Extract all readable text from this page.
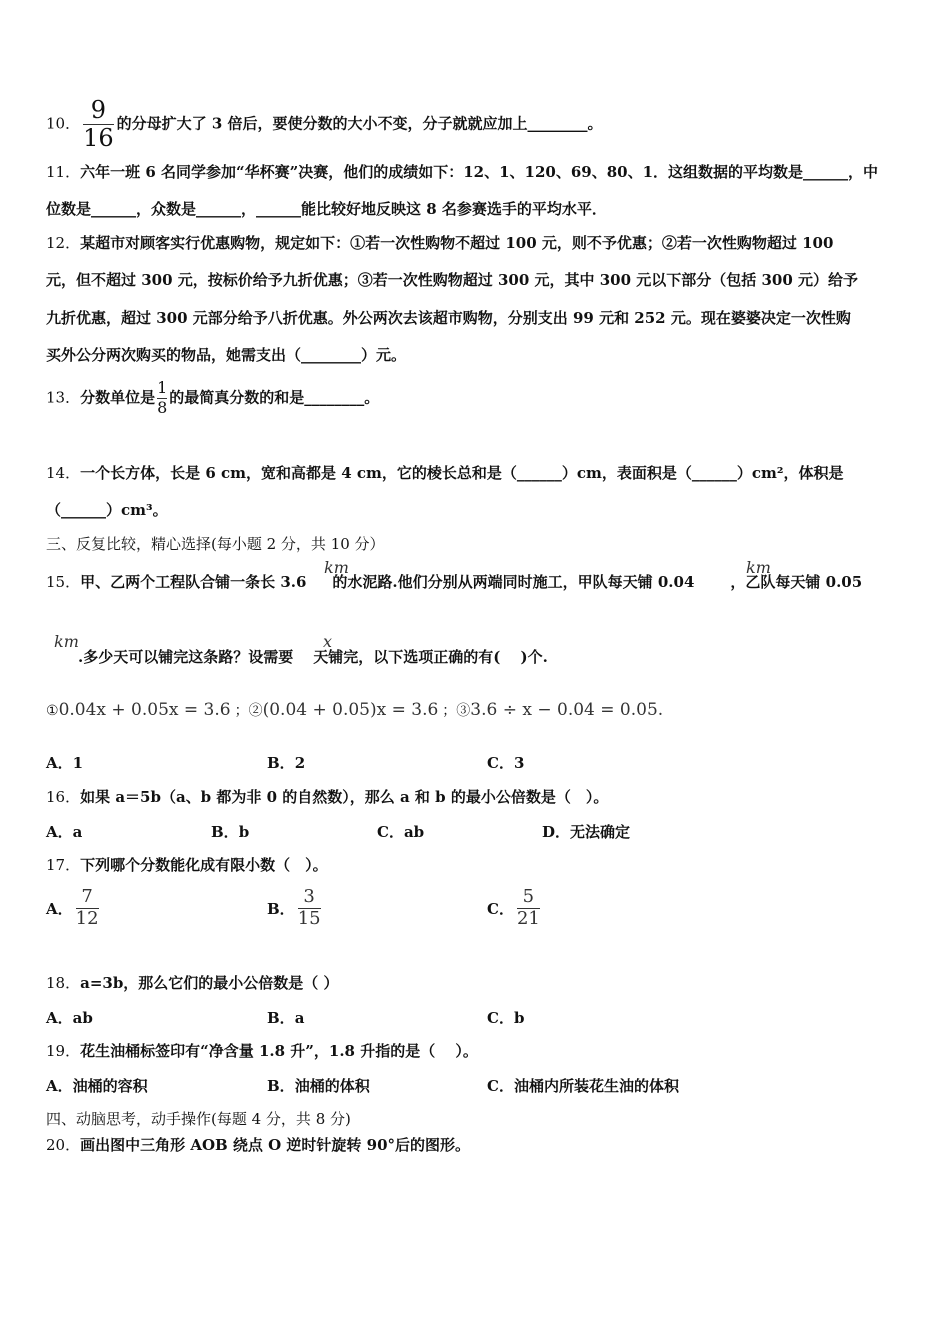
10． $\frac{9}{16}$ 的分母扩大了 3 倍后，要使分数的大小不变，分子就就应加上________。
11．六年一班 6 名同学参加“华杯赛”决赛，他们的成绩如下：12、1、120、69、80、1．这组数据的平均数是______，中
位数是______，众数是______，______能比较好地反映这 8 名参赛选手的平均水平．
12．某超市对顾客实行优惠购物，规定如下：①若一次性购物不超过 100 元，则不予优惠；②若一次性购物超过 100
元，但不超过 300 元，按标价给予九折优惠；③若一次性购物超过 300 元，其中 300 元以下部分（包括 300 元）给予
九折优惠，超过 300 元部分给予八折优惠。外公两次去该超市购物，分别支出 99 元和 252 元。现在婆婆决定一次性购
买外公分两次购买的物品，她需支出（________）元。
13．分数单位是 $\frac{1}{8}$ 的最简真分数的和是________。
14．一个长方体，长是 6 cm，宽和高都是 4 cm，它的棱长总和是（______）cm，表面积是（______）cm²，体积是
（______）cm³。
三、反复比较，精心选择(每小题 2 分，共 10 分）
15．甲、乙两个工程队合铺一条长 3.6 的水泥路.他们分别从两端同时施工，甲队每天铺 0.04 ，乙队每天铺 0.05
km	km
km	x
.多少天可以铺完这条路？设需要 天铺完，以下选项正确的有(　 )个.
①0.04x + 0.05x = 3.6 ；②(0.04 + 0.05)x = 3.6 ；③3.6 ÷ x − 0.04 = 0.05.
A．1	B．2	C．3
16．如果 a＝5b（a、b 都为非 0 的自然数），那么 a 和 b 的最小公倍数是（　）。
A．a	B．b	C．ab	D．无法确定
17．下列哪个分数能化成有限小数（　）。
A． $\frac{7}{12}$	B． $\frac{3}{15}$	C． $\frac{5}{21}$
18．a=3b，那么它们的最小公倍数是（ ）
A．ab	B．a	C．b
19．花生油桶标签印有“净含量 1.8 升”，1.8 升指的是（　 ）。
A．油桶的容积	B．油桶的体积	C．油桶内所装花生油的体积
四、动脑思考，动手操作(每题 4 分，共 8 分)
20．画出图中三角形 AOB 绕点 O 逆时针旋转 90°后的图形。
